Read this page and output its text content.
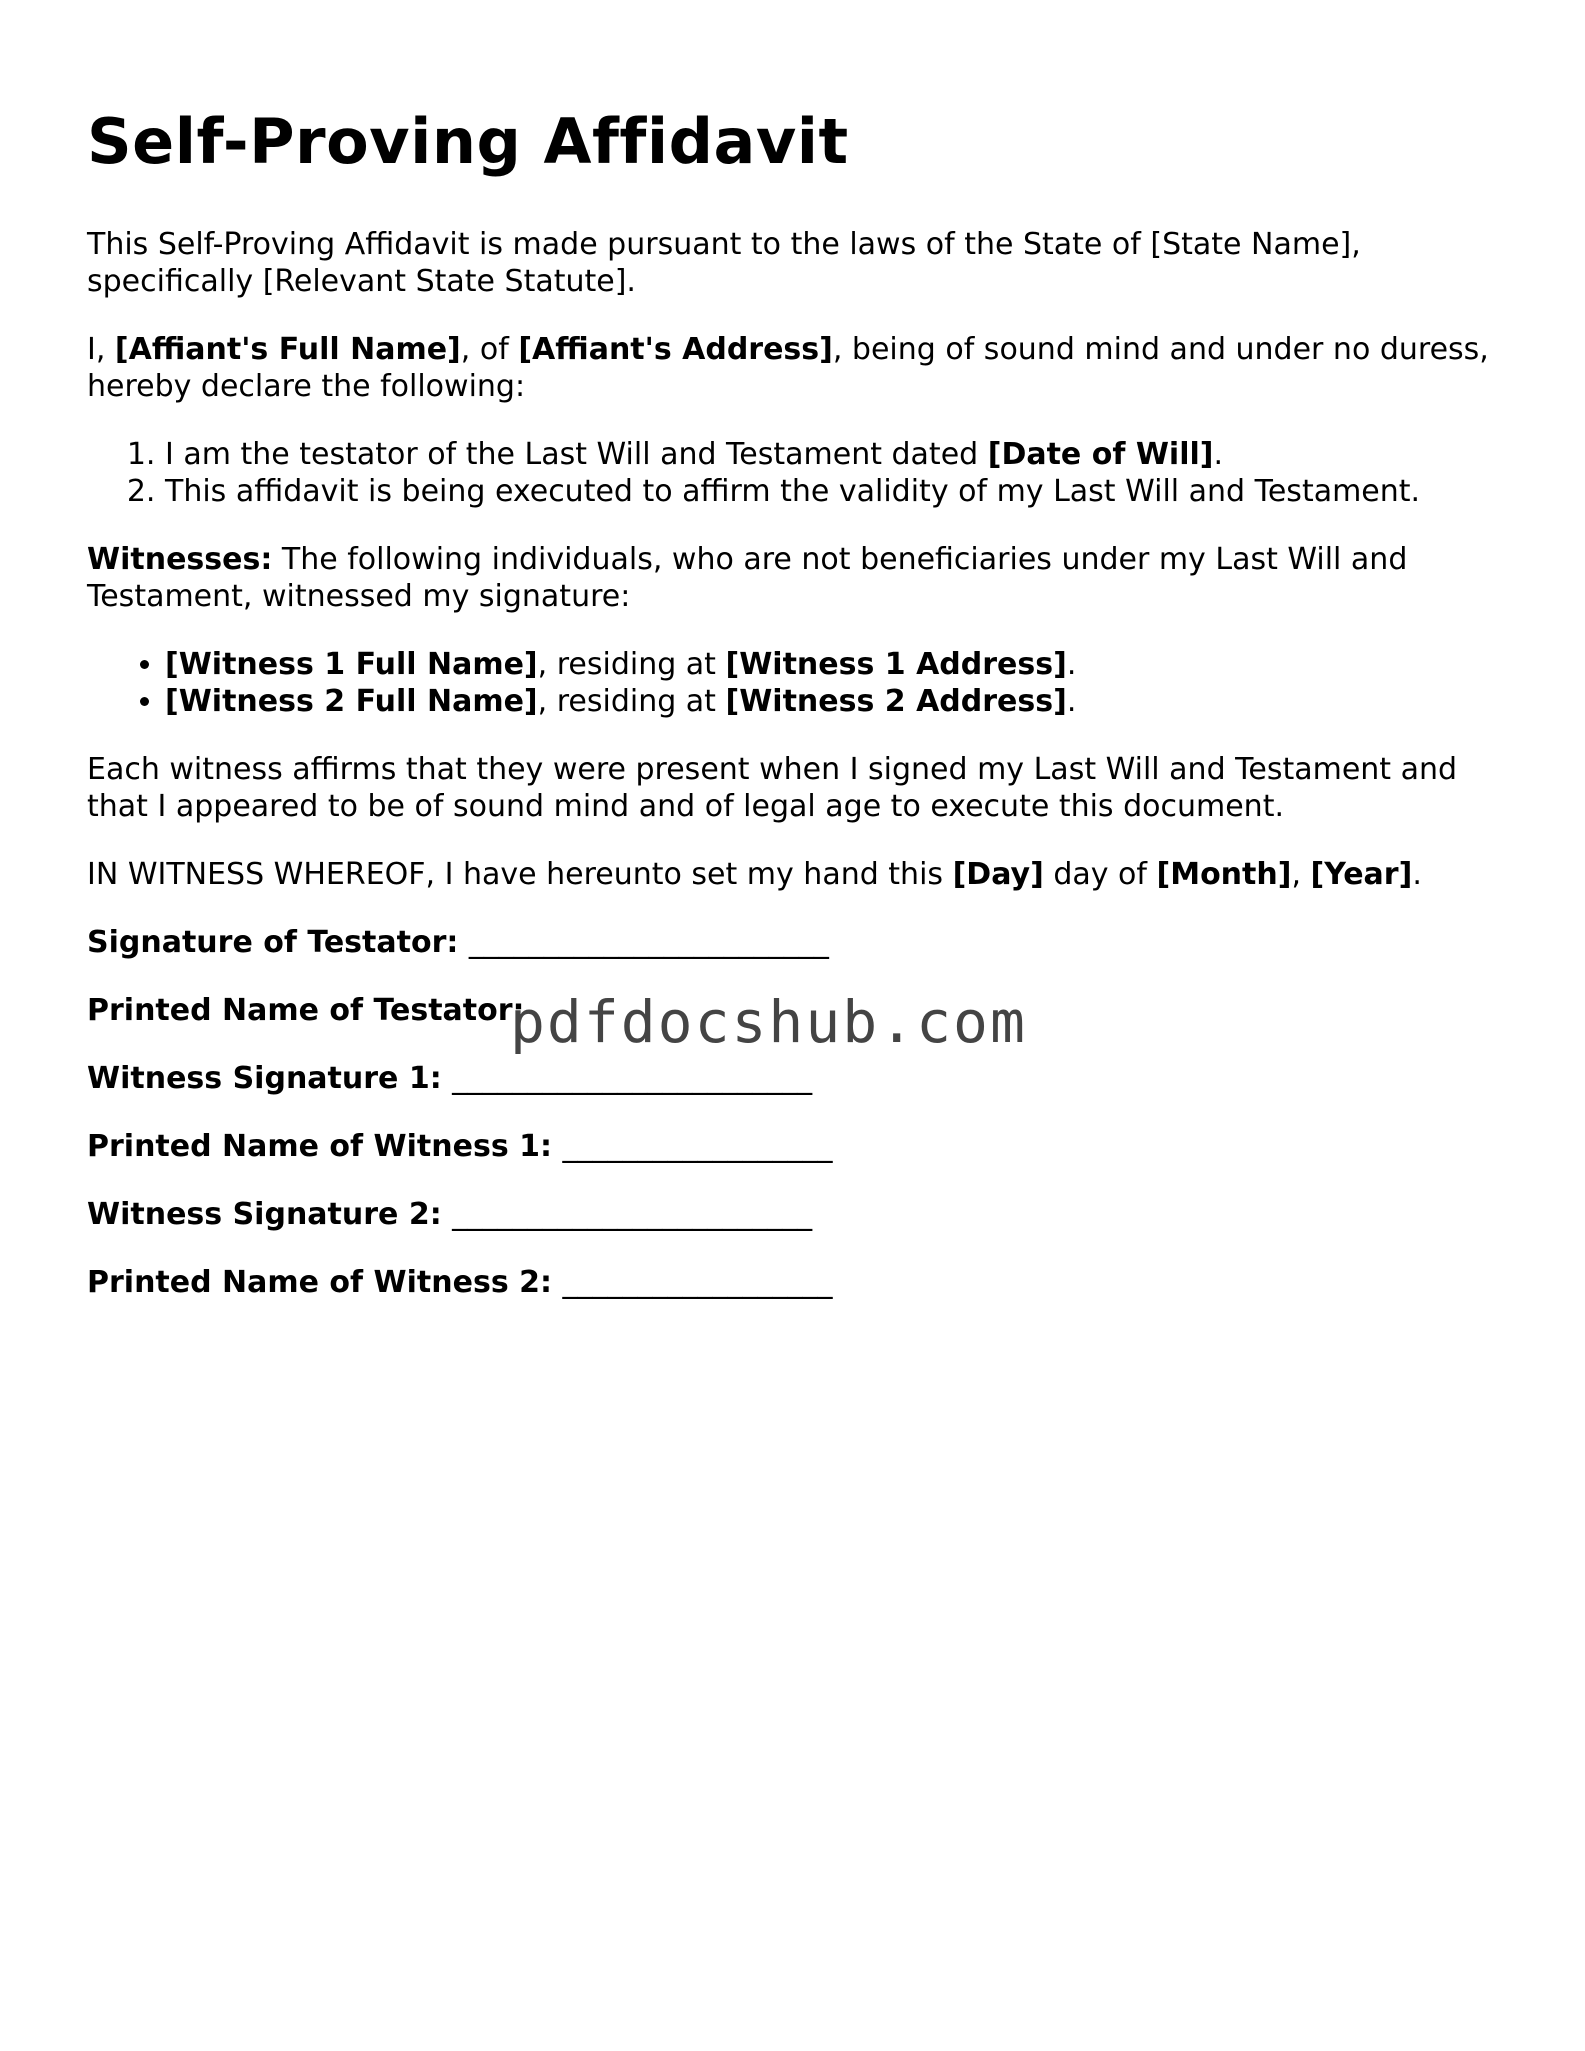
Self-Proving Affidavit

This Self-Proving Affidavit is made pursuant to the laws of the State of [State Name], specifically [Relevant State Statute].

I, [Affiant's Full Name], of [Affiant's Address], being of sound mind and under no duress, hereby declare the following:

1. I am the testator of the Last Will and Testament dated [Date of Will].
2. This affidavit is being executed to affirm the validity of my Last Will and Testament.

Witnesses: The following individuals, who are not beneficiaries under my Last Will and Testament, witnessed my signature:

• [Witness 1 Full Name], residing at [Witness 1 Address].
• [Witness 2 Full Name], residing at [Witness 2 Address].

Each witness affirms that they were present when I signed my Last Will and Testament and that I appeared to be of sound mind and of legal age to execute this document.

IN WITNESS WHEREOF, I have hereunto set my hand this [Day] day of [Month], [Year].

Signature of Testator: ________________________
Printed Name of Testator:
Witness Signature 1: ________________________
Printed Name of Witness 1: __________________
Witness Signature 2: ________________________
Printed Name of Witness 2: __________________
pdfdocshub.com
